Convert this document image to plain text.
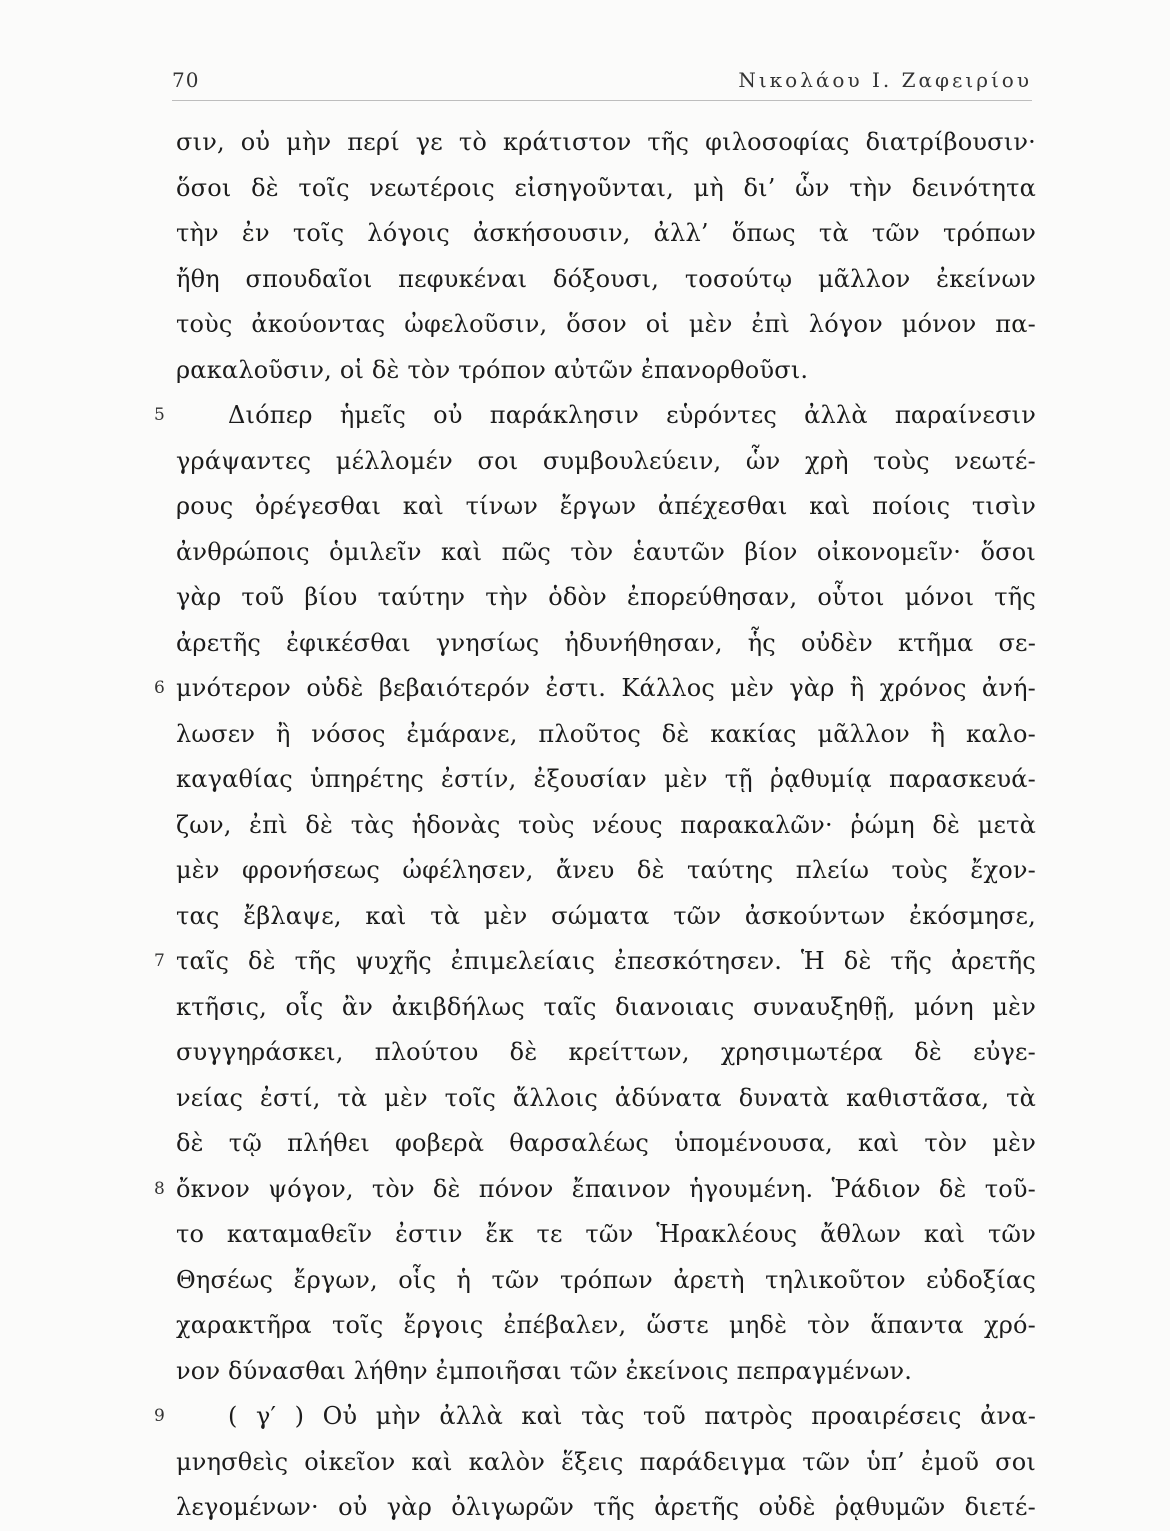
70	Νικολάου Ι. Ζαφειρίου
σιν, οὐ μὴν περί γε τὸ κράτιστον τῆς φιλοσοφίας διατρίβουσιν·
ὅσοι δὲ τοῖς νεωτέροις εἰσηγοῦνται, μὴ δι’ ὧν τὴν δεινότητα
τὴν ἐν τοῖς λόγοις ἀσκήσουσιν, ἀλλ’ ὅπως τὰ τῶν τρόπων
ἤθη σπουδαῖοι πεφυκέναι δόξουσι, τοσούτῳ μᾶλλον ἐκείνων
τοὺς ἀκούοντας ὠφελοῦσιν, ὅσον οἱ μὲν ἐπὶ λόγον μόνον πα-
ρακαλοῦσιν, οἱ δὲ τὸν τρόπον αὐτῶν ἐπανορθοῦσι.
Διόπερ ἡμεῖς οὐ παράκλησιν εὑρόντες ἀλλὰ παραίνεσιν
5
γράψαντες μέλλομέν σοι συμβουλεύειν, ὧν χρὴ τοὺς νεωτέ-
ρους ὀρέγεσθαι καὶ τίνων ἔργων ἀπέχεσθαι καὶ ποίοις τισὶν
ἀνθρώποις ὁμιλεῖν καὶ πῶς τὸν ἑαυτῶν βίον οἰκονομεῖν· ὅσοι
γὰρ τοῦ βίου ταύτην τὴν ὁδὸν ἐπορεύθησαν, οὗτοι μόνοι τῆς
ἀρετῆς ἐφικέσθαι γνησίως ἠδυνήθησαν, ἧς οὐδὲν κτῆμα σε-
μνότερον οὐδὲ βεβαιότερόν ἐστι. Κάλλος μὲν γὰρ ἢ χρόνος ἀνή-
6
λωσεν ἢ νόσος ἐμάρανε, πλοῦτος δὲ κακίας μᾶλλον ἢ καλο-
καγαθίας ὑπηρέτης ἐστίν, ἐξουσίαν μὲν τῇ ῥᾳθυμίᾳ παρασκευά-
ζων, ἐπὶ δὲ τὰς ἡδονὰς τοὺς νέους παρακαλῶν· ῥώμη δὲ μετὰ
μὲν φρονήσεως ὠφέλησεν, ἄνευ δὲ ταύτης πλείω τοὺς ἔχον-
τας ἔβλαψε, καὶ τὰ μὲν σώματα τῶν ἀσκούντων ἐκόσμησε,
ταῖς δὲ τῆς ψυχῆς ἐπιμελείαις ἐπεσκότησεν. Ἡ δὲ τῆς ἀρετῆς
7
κτῆσις, οἷς ἂν ἀκιβδήλως ταῖς διανοιαις συναυξηθῇ, μόνη μὲν
συγγηράσκει, πλούτου δὲ κρείττων, χρησιμωτέρα δὲ εὐγε-
νείας ἐστί, τὰ μὲν τοῖς ἄλλοις ἀδύνατα δυνατὰ καθιστᾶσα, τὰ
δὲ τῷ πλήθει φοβερὰ θαρσαλέως ὑπομένουσα, καὶ τὸν μὲν
ὄκνον ψόγον, τὸν δὲ πόνον ἔπαινον ἡγουμένη. Ῥάδιον δὲ τοῦ-
8
το καταμαθεῖν ἐστιν ἔκ τε τῶν Ἡρακλέους ἄθλων καὶ τῶν
Θησέως ἔργων, οἷς ἡ τῶν τρόπων ἀρετὴ τηλικοῦτον εὐδοξίας
χαρακτῆρα τοῖς ἔργοις ἐπέβαλεν, ὥστε μηδὲ τὸν ἅπαντα χρό-
νον δύνασθαι λήθην ἐμποιῆσαι τῶν ἐκείνοις πεπραγμένων.
( γ′ ) Οὐ μὴν ἀλλὰ καὶ τὰς τοῦ πατρὸς προαιρέσεις ἀνα-
9
μνησθεὶς οἰκεῖον καὶ καλὸν ἕξεις παράδειγμα τῶν ὑπ’ ἐμοῦ σοι
λεγομένων· οὐ γὰρ ὀλιγωρῶν τῆς ἀρετῆς οὐδὲ ῥᾳθυμῶν διετέ-
